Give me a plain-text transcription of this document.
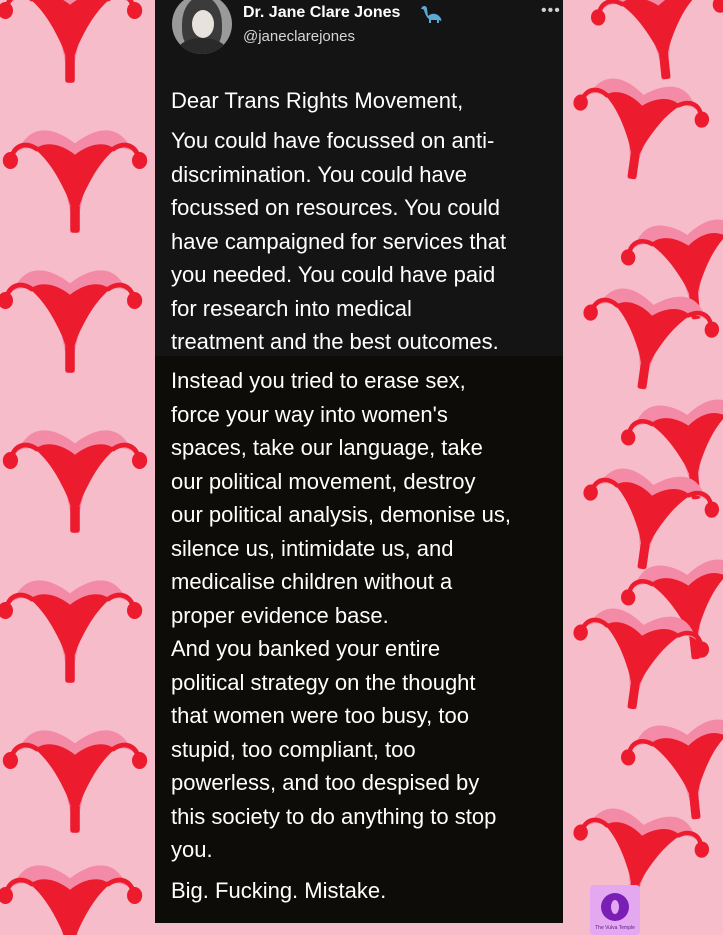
Dr. Jane Clare Jones
@janeclarejones
•••
Dear Trans Rights Movement,
You could have focussed on anti-
discrimination. You could have
focussed on resources. You could
have campaigned for services that
you needed. You could have paid
for research into medical
treatment and the best outcomes.
Instead you tried to erase sex,
force your way into women's
spaces, take our language, take
our political movement, destroy
our political analysis, demonise us,
silence us, intimidate us, and
medicalise children without a
proper evidence base.
And you banked your entire
political strategy on the thought
that women were too busy, too
stupid, too compliant, too
powerless, and too despised by
this society to do anything to stop
you.
Big. Fucking. Mistake.
The Vulva Temple
